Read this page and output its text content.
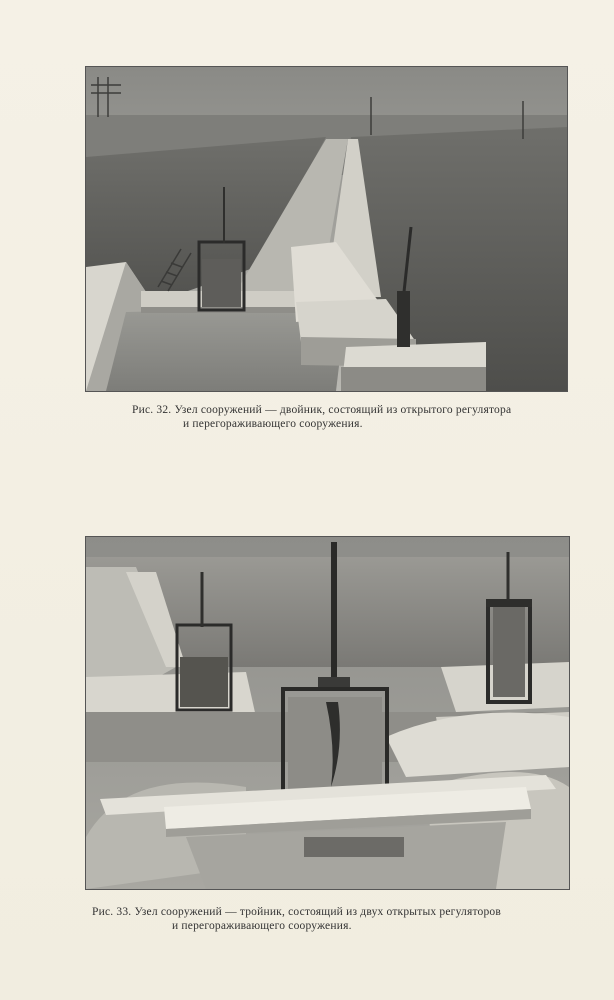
Рис. 32. Узел сооружений — двойник, состоящий из открытого регулятора
и перегораживающего сооружения.
Рис. 33. Узел сооружений — тройник, состоящий из двух открытых регуляторов
и перегораживающего сооружения.
